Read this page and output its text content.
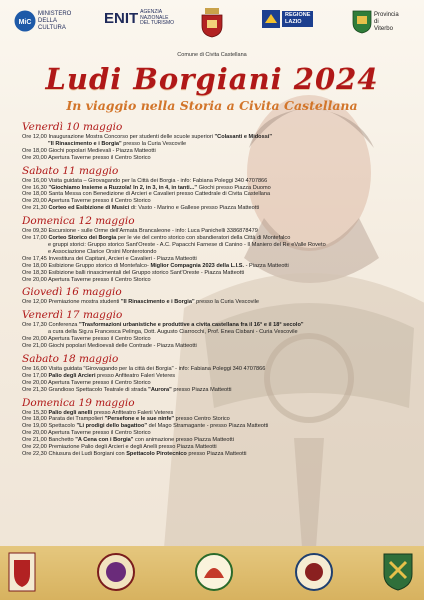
MiC
MINISTERO
DELLA
CULTURA
ENIT AGENZIA
NAZIONALE
DEL TURISMO
REGIONE
LAZIO
Provincia
di
Viterbo
Comune di Civita Castellana
Ludi Borgiani 2024
In viaggio nella Storia a Civita Castellana
Venerdì 10 maggio
Ore 12,00 Inaugurazione Mostra Concorso per studenti delle scuole superiori "Colasanti e Midossi"
"Il Rinascimento e i Borgia" presso la Curia Vescovile
Ore 18,00 Giochi popolari Medievali - Piazza Matteotti
Ore 20,00 Apertura Taverne presso il Centro Storico
Sabato 11 maggio
Ore 16,00 Visita guidata – Girovagando per la Città dei Borgia - info: Fabiana Poleggi 340 4707866
Ore 16,30 "Giochiamo Insieme a Ruzzola! In 2, in 3, in 4, in tanti..." Giochi presso Piazza Duomo
Ore 18,00 Santa Messa con Benedizione di Arcieri e Cavalieri presso Cattedrale di Civita Castellana
Ore 20,00 Apertura Taverne presso il Centro Storico
Ore 21,30 Corteo ed Esibizione di Musici di: Vasto - Marino e Gallese presso Piazza Matteotti
Domenica 12 maggio
Ore 09,30 Escursione - sulle Orme dell'Armata Brancaleone - info: Luca Panichelli 3386878479
Ore 17,00 Corteo Storico dei Borgia per le vie del centro storico con sbandieratori della Città di Montefalco
e gruppi storici: Gruppo storico Sant'Oreste - A.C. Papacchi Farnese di Canino - Il Maniero del Re eValle Roveto
e Associazione Clarice Orsini Monterotondo
Ore 17,45 Investitura dei Capitani, Arcieri e Cavalieri - Piazza Matteotti
Ore 18,00 Esibizione Gruppo storico di Montefalco- Miglior Compagnia 2023 della L.I.S. - Piazza Matteotti
Ore 18,30 Esibizione balli rinascimentali del Gruppo storico Sant'Oreste - Piazza Matteotti
Ore 20,00 Apertura Taverne presso il Centro Storico
Giovedì 16 maggio
Ore 12,00 Premiazione mostra studenti "Il Rinascimento e i Borgia" presso la Curia Vescovile
Venerdì 17 maggio
Ore 17,30 Conferenza "Trasformazioni urbanistiche e produttive a civita castellana fra il 16° e il 18° secolo"
a cura della Sig.ra Francesca Pelinga, Dott. Augusto Ciarrocchi, Prof. Enea Cisbani - Curia Vescovile
Ore 20,00 Apertura Taverne presso il Centro Storico
Ore 21,00 Giochi popolari Medioevali delle Contrade - Piazza Matteotti
Sabato 18 maggio
Ore 16,00 Visita guidata "Girovagando per la città dei Borgia" - info: Fabiana Poleggi 340 4707866
Ore 17,00 Palio degli Arcieri presso Anfiteatro Faleri Veteres
Ore 20,00 Apertura Taverne presso il Centro Storico
Ore 21,30 Grandioso Spettacolo Teatrale di strada "Aurora" presso Piazza Matteotti
Domenica 19 maggio
Ore 15,30 Palio degli anelli presso Anfiteatro Falerii Veteres
Ore 18,00 Parata dei Trampolieri "Persefone e le sue ninfe" presso Centro Storico
Ore 19,00 Spettacolo "Li prodigi dello bagattoo" del Mago Stramagante - presso Piazza Matteotti
Ore 20,00 Apertura Taverne presso il Centro Storico
Ore 21,00 Banchetto "A Cena con i Borgia" con animazione presso Piazza Matteotti
Ore 22,00 Premiazione Palio degli Arcieri e degli Anelli presso Piazza Matteotti
Ore 22,30 Chiusura dei Ludi Borgiani con Spettacolo Pirotecnico presso Piazza Matteotti
